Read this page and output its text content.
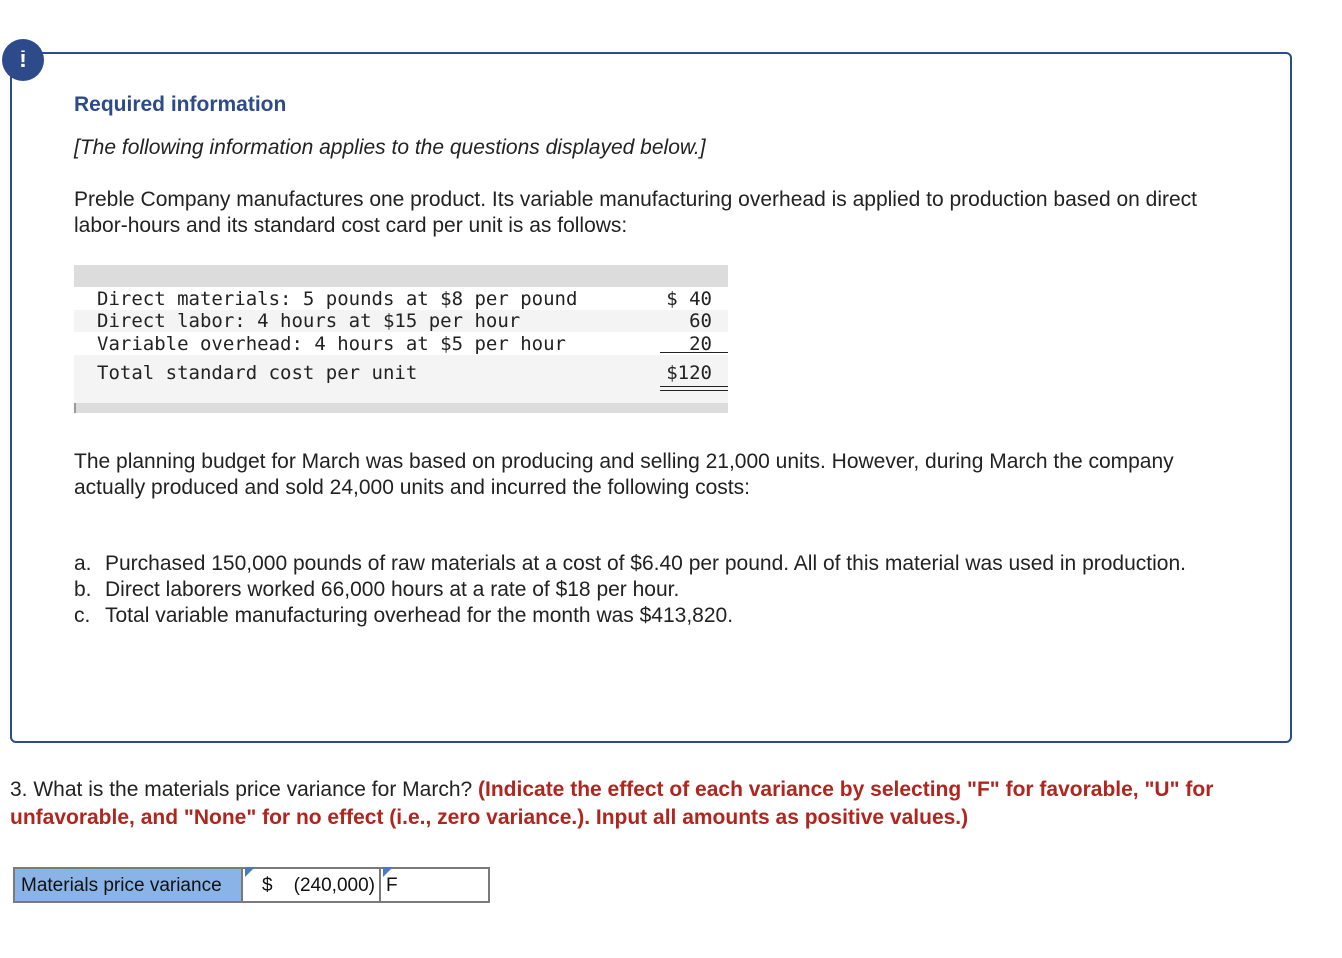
!
Required information

[The following information applies to the questions displayed below.]

Preble Company manufactures one product. Its variable manufacturing overhead is applied to production based on direct labor-hours and its standard cost card per unit is as follows:

Direct materials: 5 pounds at $8 per pound	$ 40
Direct labor: 4 hours at $15 per hour	60
Variable overhead: 4 hours at $5 per hour	20
Total standard cost per unit	$120

The planning budget for March was based on producing and selling 21,000 units. However, during March the company actually produced and sold 24,000 units and incurred the following costs:

a. Purchased 150,000 pounds of raw materials at a cost of $6.40 per pound. All of this material was used in production.
b. Direct laborers worked 66,000 hours at a rate of $18 per hour.
c. Total variable manufacturing overhead for the month was $413,820.

3. What is the materials price variance for March? (Indicate the effect of each variance by selecting "F" for favorable, "U" for unfavorable, and "None" for no effect (i.e., zero variance.). Input all amounts as positive values.)

Materials price variance	$ (240,000) F
